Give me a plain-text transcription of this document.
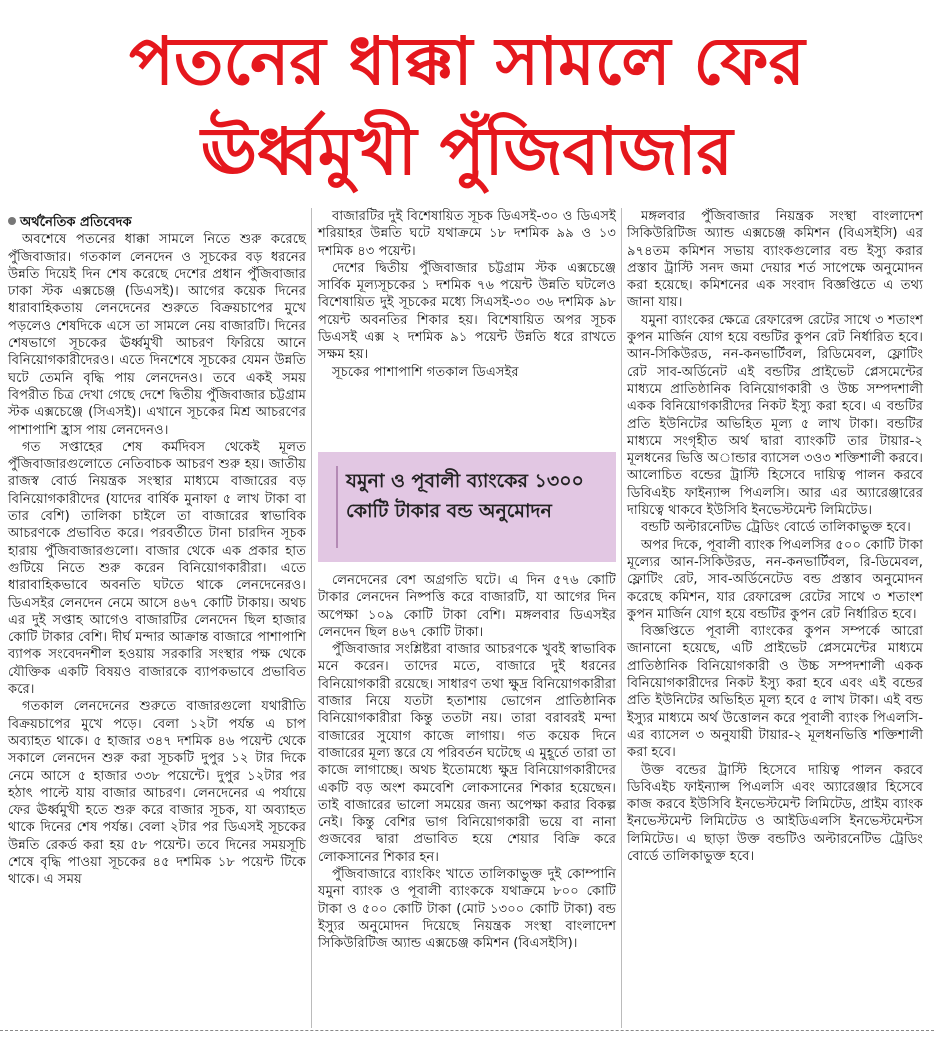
পতনের ধাক্কা সামলে ফের
ঊর্ধ্বমুখী পুঁজিবাজার

অর্থনৈতিক প্রতিবেদক

অবশেষে পতনের ধাক্কা সামলে নিতে শুরু করেছে পুঁজিবাজার। গতকাল লেনদেন ও সূচকের বড় ধরনের উন্নতি দিয়েই দিন শেষ করেছে দেশের প্রধান পুঁজিবাজার ঢাকা স্টক এক্সচেঞ্জ (ডিএসই)। আগের কয়েক দিনের ধারাবাহিকতায় লেনদেনের শুরুতে বিক্রয়চাপের মুখে পড়লেও শেষদিকে এসে তা সামলে নেয় বাজারটি। দিনের শেষভাগে সূচকের ঊর্ধ্বমুখী আচরণ ফিরিয়ে আনে বিনিয়োগকারীদেরও। এতে দিনশেষে সূচকের যেমন উন্নতি ঘটে তেমনি বৃদ্ধি পায় লেনদেনও। তবে একই সময় বিপরীত চিত্র দেখা গেছে দেশে দ্বিতীয় পুঁজিবাজার চট্টগ্রাম স্টক এক্সচেঞ্জে (সিএসই)। এখানে সূচকের মিশ্র আচরণের পাশাপাশি হ্রাস পায় লেনদেনও।

গত সপ্তাহের শেষ কর্মদিবস থেকেই মূলত পুঁজিবাজারগুলোতে নেতিবাচক আচরণ শুরু হয়। জাতীয় রাজস্ব বোর্ড নিয়ন্ত্রক সংস্থার মাধ্যমে বাজারের বড় বিনিয়োগকারীদের (যাদের বার্ষিক মুনাফা ৫ লাখ টাকা বা তার বেশি) তালিকা চাইলে তা বাজারের স্বাভাবিক আচরণকে প্রভাবিত করে। পরবর্তীতে টানা চারদিন সূচক হারায় পুঁজিবাজারগুলো। বাজার থেকে এক প্রকার হাত গুটিয়ে নিতে শুরু করেন বিনিয়োগকারীরা। এতে ধারাবাহিকভাবে অবনতি ঘটতে থাকে লেনদেনেরও। ডিএসইর লেনদেন নেমে আসে ৪৬৭ কোটি টাকায়। অথচ এর দুই সপ্তাহ আগেও বাজারটির লেনদেন ছিল হাজার কোটি টাকার বেশি। দীর্ঘ মন্দার আক্রান্ত বাজারে পাশাপাশি ব্যাপক সংবেদনশীল হওয়ায় সরকারি সংস্থার পক্ষ থেকে যৌক্তিক একটি বিষয়ও বাজারকে ব্যাপকভাবে প্রভাবিত করে।

গতকাল লেনদেনের শুরুতে বাজারগুলো যথারীতি বিক্রয়চাপের মুখে পড়ে। বেলা ১২টা পর্যন্ত এ চাপ অব্যাহত থাকে। ৫ হাজার ৩৪৭ দশমিক ৪৬ পয়েন্ট থেকে সকালে লেনদেন শুরু করা সূচকটি দুপুর ১২ টার দিকে নেমে আসে ৫ হাজার ৩৩৮ পয়েন্টে। দুপুর ১২টার পর হঠাৎ পাল্টে যায় বাজার আচরণ। লেনদেনের এ পর্যায়ে ফের ঊর্ধ্বমুখী হতে শুরু করে বাজার সূচক, যা অব্যাহত থাকে দিনের শেষ পর্যন্ত। বেলা ২টার পর ডিএসই সূচকের উন্নতি রেকর্ড করা হয় ৫৮ পয়েন্ট। তবে দিনের সময়সূচি শেষে বৃদ্ধি পাওয়া সূচকের ৪৫ দশমিক ১৮ পয়েন্ট টিকে থাকে। এ সময়

বাজারটির দুই বিশেষায়িত সূচক ডিএসই-৩০ ও ডিএসই শরিয়াহর উন্নতি ঘটে যথাক্রমে ১৮ দশমিক ৯৯ ও ১৩ দশমিক ৪৩ পয়েন্ট।

দেশের দ্বিতীয় পুঁজিবাজার চট্টগ্রাম স্টক এক্সচেঞ্জে সার্বিক মূল্যসূচকের ১ দশমিক ৭৬ পয়েন্ট উন্নতি ঘটলেও বিশেষায়িত দুই সূচকের মধ্যে সিএসই-৩০ ৩৬ দশমিক ৯৮ পয়েন্ট অবনতির শিকার হয়। বিশেষায়িত অপর সূচক ডিএসই এক্স ২ দশমিক ৯১ পয়েন্ট উন্নতি ধরে রাখতে সক্ষম হয়।

সূচকের পাশাপাশি গতকাল ডিএসইর

যমুনা ও পূবালী ব্যাংকের ১৩০০ কোটি টাকার বন্ড অনুমোদন

লেনদেনের বেশ অগ্রগতি ঘটে। এ দিন ৫৭৬ কোটি টাকার লেনদেন নিষ্পত্তি করে বাজারটি, যা আগের দিন অপেক্ষা ১০৯ কোটি টাকা বেশি। মঙ্গলবার ডিএসইর লেনদেন ছিল ৪৬৭ কোটি টাকা।

পুঁজিবাজার সংশ্লিষ্টরা বাজার আচরণকে খুবই স্বাভাবিক মনে করেন। তাদের মতে, বাজারে দুই ধরনের বিনিয়োগকারী রয়েছে। সাধারণ তথা ক্ষুদ্র বিনিয়োগকারীরা বাজার নিয়ে যতটা হতাশায় ভোগেন প্রাতিষ্ঠানিক বিনিয়োগকারীরা কিন্তু ততটা নয়। তারা বরাবরই মন্দা বাজারের সুযোগ কাজে লাগায়। গত কয়েক দিনে বাজারের মূল্য স্তরে যে পরিবর্তন ঘটেছে এ মুহূর্তে তারা তা কাজে লাগাচ্ছে। অথচ ইতোমধ্যে ক্ষুদ্র বিনিয়োগকারীদের একটি বড় অংশ কমবেশি লোকসানের শিকার হয়েছেন। তাই বাজারের ভালো সময়ের জন্য অপেক্ষা করার বিকল্প নেই। কিন্তু বেশির ভাগ বিনিয়োগকারী ভয়ে বা নানা গুজবের দ্বারা প্রভাবিত হয়ে শেয়ার বিক্রি করে লোকসানের শিকার হন।

পুঁজিবাজারে ব্যাংকিং খাতে তালিকাভুক্ত দুই কোম্পানি যমুনা ব্যাংক ও পূবালী ব্যাংককে যথাক্রমে ৮০০ কোটি টাকা ও ৫০০ কোটি টাকা (মোট ১৩০০ কোটি টাকা) বন্ড ইস্যুর অনুমোদন দিয়েছে নিয়ন্ত্রক সংস্থা বাংলাদেশ সিকিউরিটিজ অ্যান্ড এক্সচেঞ্জ কমিশন (বিএসইসি)।

মঙ্গলবার পুঁজিবাজার নিয়ন্ত্রক সংস্থা বাংলাদেশ সিকিউরিটিজ অ্যান্ড এক্সচেঞ্জ কমিশন (বিএসইসি) এর ৯৭৪তম কমিশন সভায় ব্যাংকগুলোর বন্ড ইস্যু করার প্রস্তাব ট্রাস্টি সনদ জমা দেয়ার শর্ত সাপেক্ষে অনুমোদন করা হয়েছে। কমিশনের এক সংবাদ বিজ্ঞপ্তিতে এ তথ্য জানা যায়।

যমুনা ব্যাংকের ক্ষেত্রে রেফারেন্স রেটের সাথে ৩ শতাংশ কুপন মার্জিন যোগ হয়ে বন্ডটির কুপন রেট নির্ধারিত হবে। আন-সিকিউরড, নন-কনভার্টিবল, রিডিমেবল, ফ্লোটিং রেট সাব-অর্ডিনেট এই বন্ডটির প্রাইভেট প্লেসমেন্টের মাধ্যমে প্রাতিষ্ঠানিক বিনিয়োগকারী ও উচ্চ সম্পদশালী একক বিনিয়োগকারীদের নিকট ইস্যু করা হবে। এ বন্ডটির প্রতি ইউনিটের অভিহিত মূল্য ৫ লাখ টাকা। বন্ডটির মাধ্যমে সংগৃহীত অর্থ দ্বারা ব্যাংকটি তার টায়ার-২ মূলধনের ভিত্তি অান্ডার ব্যাসেল ৩ও৩ শক্তিশালী করবে। আলোচিত বন্ডের ট্রাস্টি হিসেবে দায়িত্ব পালন করবে ডিবিএইচ ফাইন্যান্স পিএলসি। আর এর অ্যারেঞ্জারের দায়িত্বে থাকবে ইউসিবি ইনভেস্টমেন্ট লিমিটেড।

বন্ডটি অল্টারনেটিভ ট্রেডিং বোর্ডে তালিকাভুক্ত হবে।

অপর দিকে, পূবালী ব্যাংক পিএলসির ৫০০ কোটি টাকা মূল্যের আন-সিকিউরড, নন-কনভার্টিবল, রি-ডিমেবল, ফ্লোটিং রেট, সাব-অর্ডিনেটেড বন্ড প্রস্তাব অনুমোদন করেছে কমিশন, যার রেফারেন্স রেটের সাথে ৩ শতাংশ কুপন মার্জিন যোগ হয়ে বন্ডটির কুপন রেট নির্ধারিত হবে।

বিজ্ঞপ্তিতে পূবালী ব্যাংকের কুপন সম্পর্কে আরো জানানো হয়েছে, এটি প্রাইভেট প্লেসমেন্টের মাধ্যমে প্রাতিষ্ঠানিক বিনিয়োগকারী ও উচ্চ সম্পদশালী একক বিনিয়োগকারীদের নিকট ইস্যু করা হবে এবং এই বন্ডের প্রতি ইউনিটের অভিহিত মূল্য হবে ৫ লাখ টাকা। এই বন্ড ইস্যুর মাধ্যমে অর্থ উত্তোলন করে পূবালী ব্যাংক পিএলসি-এর ব্যাসেল ৩ অনুযায়ী টায়ার-২ মূলধনভিত্তি শক্তিশালী করা হবে।

উক্ত বন্ডের ট্রাস্টি হিসেবে দায়িত্ব পালন করবে ডিবিএইচ ফাইন্যান্স পিএলসি এবং অ্যারেঞ্জার হিসেবে কাজ করবে ইউসিবি ইনভেস্টমেন্ট লিমিটেড, প্রাইম ব্যাংক ইনভেস্টমেন্ট লিমিটেড ও আইডিএলসি ইনভেস্টমেন্টস লিমিটেড। এ ছাড়া উক্ত বন্ডটিও অল্টারনেটিভ ট্রেডিং বোর্ডে তালিকাভুক্ত হবে।
